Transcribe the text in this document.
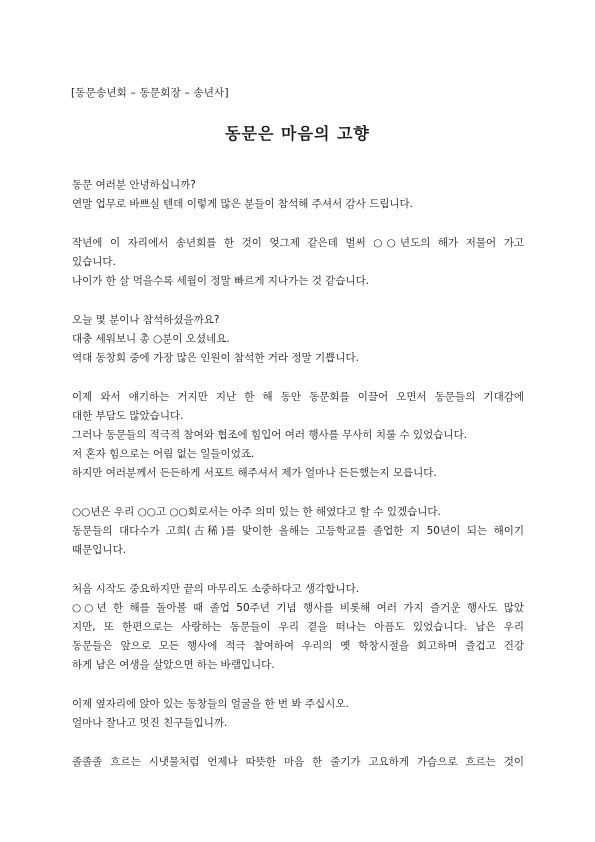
[동문송년회 – 동문회장 – 송년사]
동문은 마음의 고향
동문 여러분 안녕하십니까?
연말 업무로 바쁘실 텐데 이렇게 많은 분들이 참석해 주셔서 감사 드립니다.
작년에 이 자리에서 송년회를 한 것이 엊그제 같은데 벌써 ○○년도의 해가 저물어 가고
있습니다.
나이가 한 살 먹을수록 세월이 정말 빠르게 지나가는 것 같습니다.
오늘 몇 분이나 참석하셨을까요?
대충 세워보니 총 ○분이 오셨네요.
역대 동창회 중에 가장 많은 인원이 참석한 거라 정말 기쁩니다.
이제 와서 얘기하는 거지만 지난 한 해 동안 동문회를 이끌어 오면서 동문들의 기대감에
대한 부담도 많았습니다.
그러나 동문들의 적극적 참여와 협조에 힘입어 여러 행사를 무사히 치룰 수 있었습니다.
저 혼자 힘으로는 어림 없는 일들이었죠.
하지만 여러분께서 든든하게 서포트 해주셔서 제가 얼마나 든든했는지 모릅니다.
○○년은 우리 ○○고 ○○회로서는 아주 의미 있는 한 해였다고 할 수 있겠습니다.
동문들의 대다수가 고희(古稀)를 맞이한 올해는 고등학교를 졸업한 지 50년이 되는 해이기
때문입니다.
처음 시작도 중요하지만 끝의 마무리도 소중하다고 생각합니다.
○○년 한 해를 돌아볼 때 졸업 50주년 기념 행사를 비롯해 여러 가지 즐거운 행사도 많았
지만, 또 한편으로는 사랑하는 동문들이 우리 곁을 떠나는 아픔도 있었습니다. 남은 우리
동문들은 앞으로 모든 행사에 적극 참여하여 우리의 옛 학창시절을 회고하며 즐겁고 건강
하게 남은 여생을 살았으면 하는 바램입니다.
이제 옆자리에 앉아 있는 동창들의 얼굴을 한 번 봐 주십시오.
얼마나 잘나고 멋진 친구들입니까.
졸졸졸 흐르는 시냇물처럼 언제나 따뜻한 마음 한 줄기가 고요하게 가슴으로 흐르는 것이
